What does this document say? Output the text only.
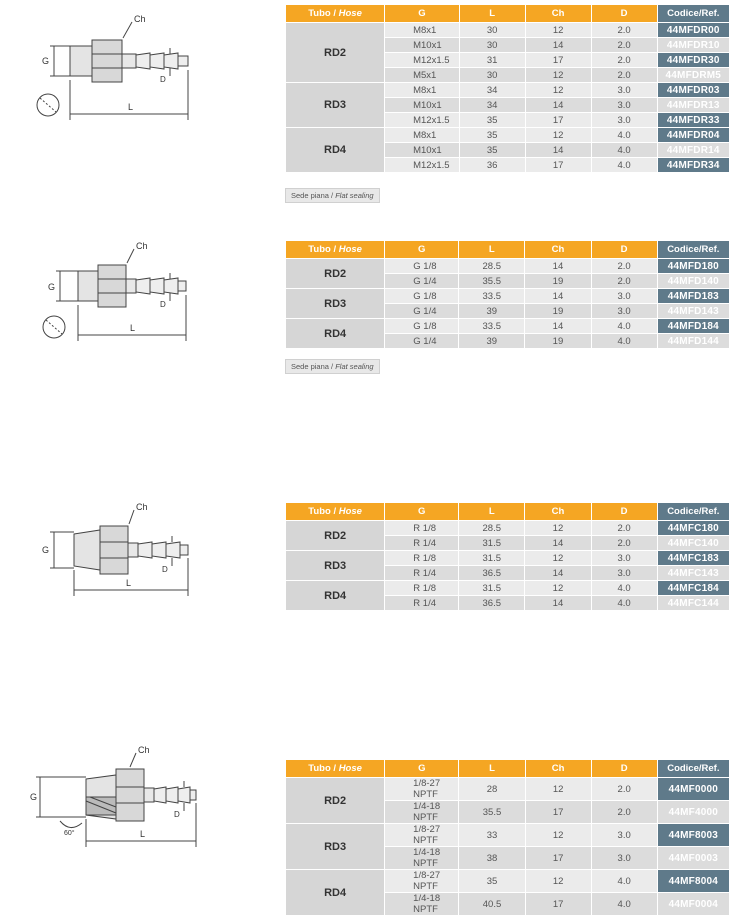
Ch
G
L
D
Tubo / Hose	G	L	Ch	D	Codice/Ref.
RD2	M8x1	30	12	2.0	44MFDR00
	M10x1	30	14	2.0	44MFDR10
	M12x1.5	31	17	2.0	44MFDR30
	M5x1	30	12	2.0	44MFDRM5
RD3	M8x1	34	12	3.0	44MFDR03
	M10x1	34	14	3.0	44MFDR13
	M12x1.5	35	17	3.0	44MFDR33
RD4	M8x1	35	12	4.0	44MFDR04
	M10x1	35	14	4.0	44MFDR14
	M12x1.5	36	17	4.0	44MFDR34
Sede piana / Flat sealing
Ch
G
L
D
Tubo / Hose	G	L	Ch	D	Codice/Ref.
RD2	G 1/8	28.5	14	2.0	44MFD180
	G 1/4	35.5	19	2.0	44MFD140
RD3	G 1/8	33.5	14	3.0	44MFD183
	G 1/4	39	19	3.0	44MFD143
RD4	G 1/8	33.5	14	4.0	44MFD184
	G 1/4	39	19	4.0	44MFD144
Sede piana / Flat sealing
Ch
G
L
D
Tubo / Hose	G	L	Ch	D	Codice/Ref.
RD2	R 1/8	28.5	12	2.0	44MFC180
	R 1/4	31.5	14	2.0	44MFC140
RD3	R 1/8	31.5	12	3.0	44MFC183
	R 1/4	36.5	14	3.0	44MFC143
RD4	R 1/8	31.5	12	4.0	44MFC184
	R 1/4	36.5	14	4.0	44MFC144
Ch
G
L
D
60°
Tubo / Hose	G	L	Ch	D	Codice/Ref.
RD2	1/8-27 NPTF	28	12	2.0	44MF0000
	1/4-18 NPTF	35.5	17	2.0	44MF4000
RD3	1/8-27 NPTF	33	12	3.0	44MF8003
	1/4-18 NPTF	38	17	3.0	44MF0003
RD4	1/8-27 NPTF	35	12	4.0	44MF8004
	1/4-18 NPTF	40.5	17	4.0	44MF0004
